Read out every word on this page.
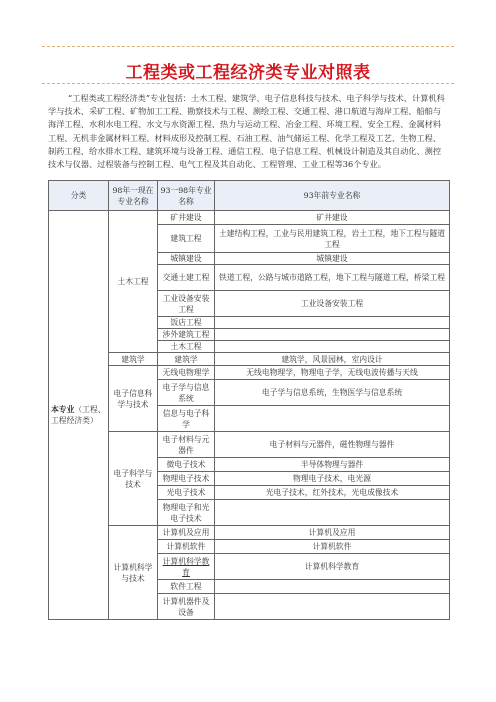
工程类或工程经济类专业对照表
“工程类或工程经济类”专业包括：土木工程、建筑学、电子信息科技与技术、电子科学与技术、计算机科学与技术、采矿工程、矿物加工工程、勘察技术与工程、测绘工程、交通工程、港口航道与海岸工程、船舶与海洋工程、水利水电工程、水文与水资源工程、热力与运动工程、冶金工程、环境工程、安全工程、金属材料工程、无机非金属材料工程、材料成形及控制工程、石油工程、油气储运工程、化学工程及工艺、生物工程、制药工程、给水排水工程、建筑环境与设备工程、通信工程、电子信息工程、机械设计制造及其自动化、测控技术与仪器、过程装备与控制工程、电气工程及其自动化、工程管理、工业工程等36个专业。
分类	98年一现在专业名称	93一98年专业名称	93年前专业名称
本专业（工程、工程经济类）	土木工程	矿井建设	矿井建设
		建筑工程	土建结构工程，工业与民用建筑工程，岩土工程，地下工程与隧道工程
		城镇建设	城镇建设
		交通土建工程	铁道工程，公路与城市道路工程，地下工程与隧道工程，桥梁工程
		工业设备安装工程	工业设备安装工程
		饭店工程	
		涉外建筑工程	
		土木工程	
	建筑学	建筑学	建筑学，风景园林，室内设计
	电子信息科学与技术	无线电物理学	无线电物理学，物理电子学，无线电波传播与天线
		电子学与信息系统	电子学与信息系统，生物医学与信息系统
		信息与电子科学	
	电子科学与技术	电子材料与元器件	电子材料与元器件，磁性物理与器件
		微电子技术	半导体物理与器件
		物理电子技术	物理电子技术，电光源
		光电子技术	光电子技术，红外技术，光电成像技术
		物理电子和光电子技术	
	计算机科学与技术	计算机及应用	计算机及应用
		计算机软件	计算机软件
		计算机科学教育	计算机科学教育
		软件工程	
		计算机器件及设备	
